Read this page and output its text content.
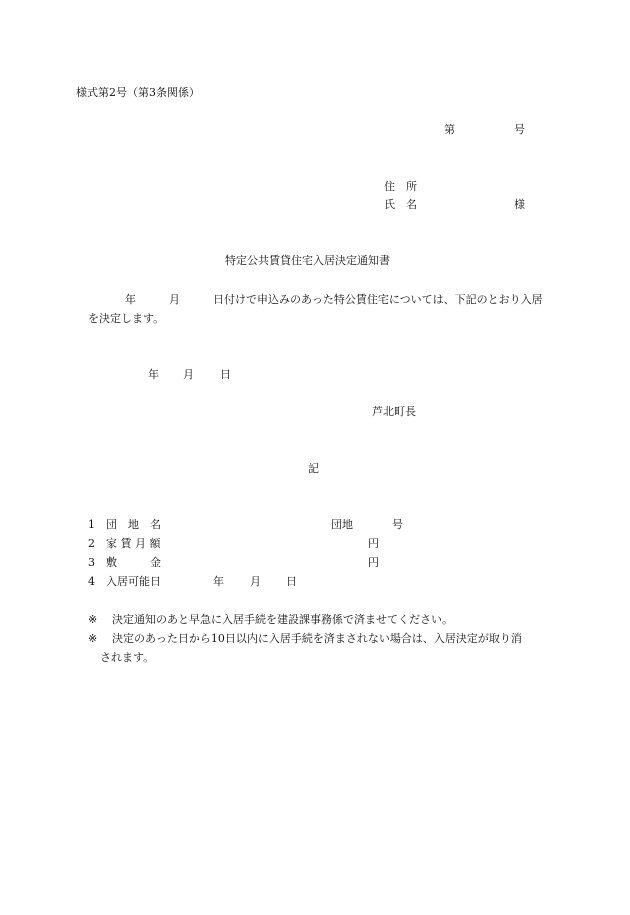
様式第2号（第3条関係）
第	号
住　所
氏　名	様
特定公共賃貸住宅入居決定通知書
年　　　月　　　日付けで申込みのあった特公賃住宅については、下記のとおり入居
を決定します。
年 月 日
芦北町長
記
1 団　地　名	団地	号
2 家 賃 月 額	円
3 敷　　　金	円
4 入居可能日	年 月 日
※ 決定通知のあと早急に入居手続を建設課事務係で済ませてください。
※ 決定のあった日から10日以内に入居手続を済まされない場合は、入居決定が取り消
されます。
